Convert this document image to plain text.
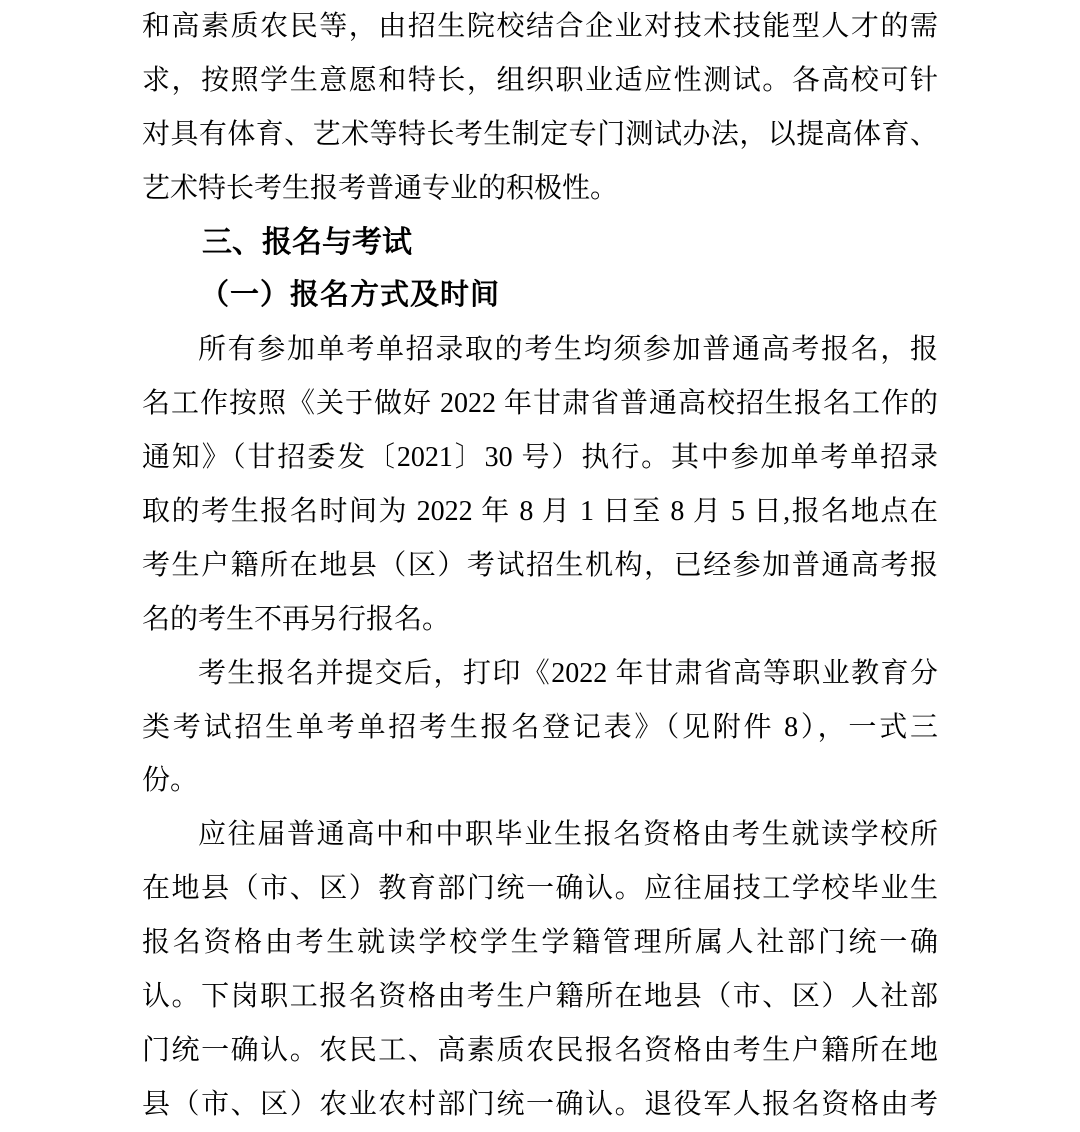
和高素质农民等，由招生院校结合企业对技术技能型人才的需
求，按照学生意愿和特长，组织职业适应性测试。各高校可针
对具有体育、艺术等特长考生制定专门测试办法，以提高体育、
艺术特长考生报考普通专业的积极性。
三、报名与考试
（一）报名方式及时间
所有参加单考单招录取的考生均须参加普通高考报名，报
名工作按照《关于做好 2022 年甘肃省普通高校招生报名工作的
通知》（甘招委发〔2021〕30 号）执行。其中参加单考单招录
取的考生报名时间为 2022 年 8 月 1 日至 8 月 5 日,报名地点在
考生户籍所在地县（区）考试招生机构，已经参加普通高考报
名的考生不再另行报名。
考生报名并提交后，打印《2022 年甘肃省高等职业教育分
类考试招生单考单招考生报名登记表》（见附件 8），一式三
份。
应往届普通高中和中职毕业生报名资格由考生就读学校所
在地县（市、区）教育部门统一确认。应往届技工学校毕业生
报名资格由考生就读学校学生学籍管理所属人社部门统一确
认。下岗职工报名资格由考生户籍所在地县（市、区）人社部
门统一确认。农民工、高素质农民报名资格由考生户籍所在地
县（市、区）农业农村部门统一确认。退役军人报名资格由考
